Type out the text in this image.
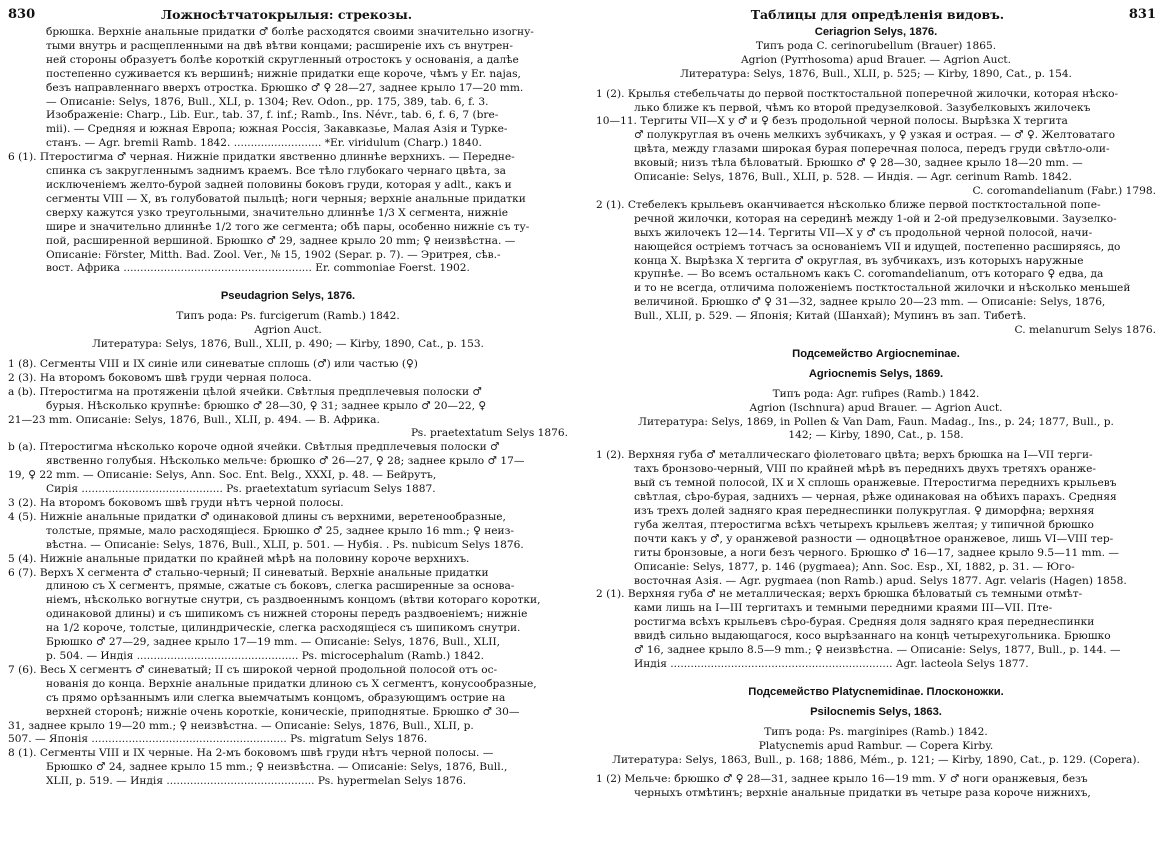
830	Ложносѣтчатокрылыя: стрекозы.
брюшка. Верхніе анальные придатки ♂ болѣе расходятся своими значительно изогну-
тыми внутрь и расщепленными на двѣ вѣтви концами; расширеніе ихъ съ внутрен-
ней стороны образуетъ болѣе короткій скругленный отростокъ у основанія, а далѣе
постепенно суживается къ вершинѣ; нижніе придатки еще короче, чѣмъ у Er. najas,
безъ направленнаго вверхъ отростка. Брюшко ♂ ♀ 28—27, заднее крыло 17—20 mm.
— Описаніе: Selys, 1876, Bull., XLI, p. 1304; Rev. Odon., pp. 175, 389, tab. 6, f. 3.
Изображеніе: Charp., Lib. Eur., tab. 37, f. inf.; Ramb., Ins. Névr., tab. 6, f. 6, 7 (bre-
mii). — Средняя и южная Европа; южная Россія, Закавказье, Малая Азія и Турке-
станъ. — Agr. bremii Ramb. 1842. .......................... *Er. viridulum (Charp.) 1840.
6 (1). Птеростигма ♂ черная. Нижніе придатки явственно длиннѣе верхнихъ. — Передне-
спинка съ закругленнымъ заднимъ краемъ. Все тѣло глубокаго чернаго цвѣта, за
исключеніемъ желто-бурой задней половины боковъ груди, которая у adlt., какъ и
сегменты VIII — X, въ голубоватой пыльцѣ; ноги черныя; верхніе анальные придатки
сверху кажутся узко треугольными, значительно длиннѣе 1/3 X сегмента, нижніе
шире и значительно длиннѣе 1/2 того же сегмента; обѣ пары, особенно нижніе съ ту-
пой, расширенной вершиной. Брюшко ♂ 29, заднее крыло 20 mm; ♀ неизвѣстна. —
Описаніе: Förster, Mitth. Bad. Zool. Ver., № 15, 1902 (Separ. p. 7). — Эритрея, сѣв.-
вост. Африка ........................................................ Er. commoniae Foerst. 1902.
Pseudagrion Selys, 1876.
Типъ рода: Ps. furcigerum (Ramb.) 1842.
Agrion Auct.
Литература: Selys, 1876, Bull., XLII, p. 490; — Kirby, 1890, Cat., p. 153.
1 (8). Сегменты VIII и IX синіе или синеватые сплошь (♂) или частью (♀)
2 (3). На второмъ боковомъ швѣ груди черная полоса.
a (b). Птеростигма на протяженіи цѣлой ячейки. Свѣтлыя предплечевыя полоски ♂
бурыя. Нѣсколько крупнѣе: брюшко ♂ 28—30, ♀ 31; заднее крыло ♂ 20—22, ♀
21—23 mm. Описаніе: Selys, 1876, Bull., XLII, p. 494. — В. Африка.
Ps. praetextatum Selys 1876.
b (a). Птеростигма нѣсколько короче одной ячейки. Свѣтлыя предплечевыя полоски ♂
явственно голубыя. Нѣсколько мельче: брюшко ♂ 26—27, ♀ 28; заднее крыло ♂ 17—
19, ♀ 22 mm. — Описаніе: Selys, Ann. Soc. Ent. Belg., XXXI, p. 48. — Бейрутъ,
Сирія .......................................... Ps. praetextatum syriacum Selys 1887.
3 (2). На второмъ боковомъ швѣ груди нѣтъ черной полосы.
4 (5). Нижніе анальные придатки ♂ одинаковой длины съ верхними, веретенообразные,
толстые, прямые, мало расходящіеся. Брюшко ♂ 25, заднее крыло 16 mm.; ♀ неиз-
вѣстна. — Описаніе: Selys, 1876, Bull., XLII, p. 501. — Нубія. . Ps. nubicum Selys 1876.
5 (4). Нижніе анальные придатки по крайней мѣрѣ на половину короче верхнихъ.
6 (7). Верхъ X сегмента ♂ стально-черный; II синеватый. Верхніе анальные придатки
длиною съ X сегментъ, прямые, сжатые съ боковъ, слегка расширенные за основа-
ніемъ, нѣсколько вогнутые снутри, съ раздвоеннымъ концомъ (вѣтви котораго коротки,
одинаковой длины) и съ шипикомъ съ нижней стороны передъ раздвоеніемъ; нижніе
на 1/2 короче, толстые, цилиндрическіе, слегка расходящіеся съ шипикомъ снутри.
Брюшко ♂ 27—29, заднее крыло 17—19 mm. — Описаніе: Selys, 1876, Bull., XLII,
p. 504. — Индія ................................................ Ps. microcephalum (Ramb.) 1842.
7 (6). Весь X сегментъ ♂ синеватый; II съ широкой черной продольной полосой отъ ос-
нованія до конца. Верхніе анальные придатки длиною съ X сегментъ, конусообразные,
съ прямо орѣзаннымъ или слегка выемчатымъ концомъ, образующимъ острие на
верхней сторонѣ; нижніе очень короткіе, коническіе, приподнятые. Брюшко ♂ 30—
31, заднее крыло 19—20 mm.; ♀ неизвѣстна. — Описаніе: Selys, 1876, Bull., XLII, p.
507. — Японія .......................................................... Ps. migratum Selys 1876.
8 (1). Сегменты VIII и IX черные. На 2-мъ боковомъ швѣ груди нѣтъ черной полосы. —
Брюшко ♂ 24, заднее крыло 15 mm.; ♀ неизвѣстна. — Описаніе: Selys, 1876, Bull.,
XLII, p. 519. — Индія ............................................ Ps. hypermelan Selys 1876.
Таблицы для опредѣленія видовъ.	831
Ceriagrion Selys, 1876.
Типъ рода C. cerinorubellum (Brauer) 1865.
Agrion (Pyrrhosoma) apud Brauer. — Agrion Auct.
Литература: Selys, 1876, Bull., XLII, p. 525; — Kirby, 1890, Cat., p. 154.
1 (2). Крылья стебельчаты до первой постктостальной поперечной жилочки, которая нѣско-
лько ближе къ первой, чѣмъ ко второй предузелковой. Зазубелковыхъ жилочекъ
10—11. Тергиты VII—X у ♂ и ♀ безъ продольной черной полосы. Вырѣзка X тергита
♂ полукруглая въ очень мелкихъ зубчикахъ, у ♀ узкая и острая. — ♂ ♀. Желтоватаго
цвѣта, между глазами широкая бурая поперечная полоса, передъ груди свѣтло-оли-
вковый; низъ тѣла бѣловатый. Брюшко ♂ ♀ 28—30, заднее крыло 18—20 mm. —
Описаніе: Selys, 1876, Bull., XLII, p. 528. — Индія. — Agr. cerinum Ramb. 1842.
C. coromandelianum (Fabr.) 1798.
2 (1). Стебелекъ крыльевъ оканчивается нѣсколько ближе первой постктостальной попе-
речной жилочки, которая на серединѣ между 1-ой и 2-ой предузелковыми. Заузелко-
выхъ жилочекъ 12—14. Тергиты VII—X у ♂ съ продольной черной полосой, начи-
нающейся острiемъ тотчасъ за основаніемъ VII и идущей, постепенно расширяясь, до
конца X. Вырѣзка X тергита ♂ округлая, въ зубчикахъ, изъ которыхъ наружные
крупнѣе. — Во всемъ остальномъ какъ C. coromandelianum, отъ котораго ♀ едва, да
и то не всегда, отличима положеніемъ постктостальной жилочки и нѣсколько меньшей
величиной. Брюшко ♂ ♀ 31—32, заднее крыло 20—23 mm. — Описаніе: Selys, 1876,
Bull., XLII, p. 529. — Японія; Китай (Шанхай); Мупинъ въ зап. Тибетѣ.
C. melanurum Selys 1876.
Подсемейство Argiocneminae.
Agriocnemis Selys, 1869.
Типъ рода: Agr. rufipes (Ramb.) 1842.
Agrion (Ischnura) apud Brauer. — Agrion Auct.
Литература: Selys, 1869, in Pollen & Van Dam, Faun. Madag., Ins., p. 24; 1877, Bull., p.
142; — Kirby, 1890, Cat., p. 158.
1 (2). Верхняя губа ♂ металлическаго фіолетоваго цвѣта; верхъ брюшка на I—VII терги-
тахъ бронзово-черный, VIII по крайней мѣрѣ въ переднихъ двухъ третяхъ оранже-
вый съ темной полосой, IX и X сплошь оранжевые. Птеростигма переднихъ крыльевъ
свѣтлая, сѣро-бурая, заднихъ — черная, рѣже одинаковая на обѣихъ парахъ. Средняя
изъ трехъ долей задняго края переднеспинки полукруглая. ♀ диморфна; верхняя
губа желтая, птеростигма всѣхъ четырехъ крыльевъ желтая; у типичной брюшко
почти какъ у ♂, у оранжевой разности — одноцвѣтное оранжевое, лишь VI—VIII тер-
гиты бронзовые, а ноги безъ черного. Брюшко ♂ 16—17, заднее крыло 9.5—11 mm. —
Описаніе: Selys, 1877, p. 146 (pygmaea); Ann. Soc. Esp., XI, 1882, p. 31. — Юго-
восточная Азія. — Agr. pygmaea (non Ramb.) apud. Selys 1877. Agr. velaris (Hagen) 1858.
2 (1). Верхняя губа ♂ не металлическая; верхъ брюшка бѣловатый съ темными отмѣт-
ками лишь на I—III тергитахъ и темными передними краями III—VII. Пте-
ростигма всѣхъ крыльевъ сѣро-бурая. Средняя доля задняго края переднеспинки
ввидѣ сильно выдающагося, косо вырѣзаннаго на концѣ четырехугольника. Брюшко
♂ 16, заднее крыло 8.5—9 mm.; ♀ неизвѣстна. — Описаніе: Selys, 1877, Bull., p. 144. —
Индія .................................................................. Agr. lacteola Selys 1877.
Подсемейство Platycnemidinae. Плосконожки.
Psilocnemis Selys, 1863.
Типъ рода: Ps. marginipes (Ramb.) 1842.
Platycnemis apud Rambur. — Copera Kirby.
Литература: Selys, 1863, Bull., p. 168; 1886, Mém., p. 121; — Kirby, 1890, Cat., p. 129. (Copera).
1 (2) Мельче: брюшко ♂ ♀ 28—31, заднее крыло 16—19 mm. У ♂ ноги оранжевыя, безъ
черныхъ отмѣтинъ; верхніе анальные придатки въ четыре раза короче нижнихъ,
